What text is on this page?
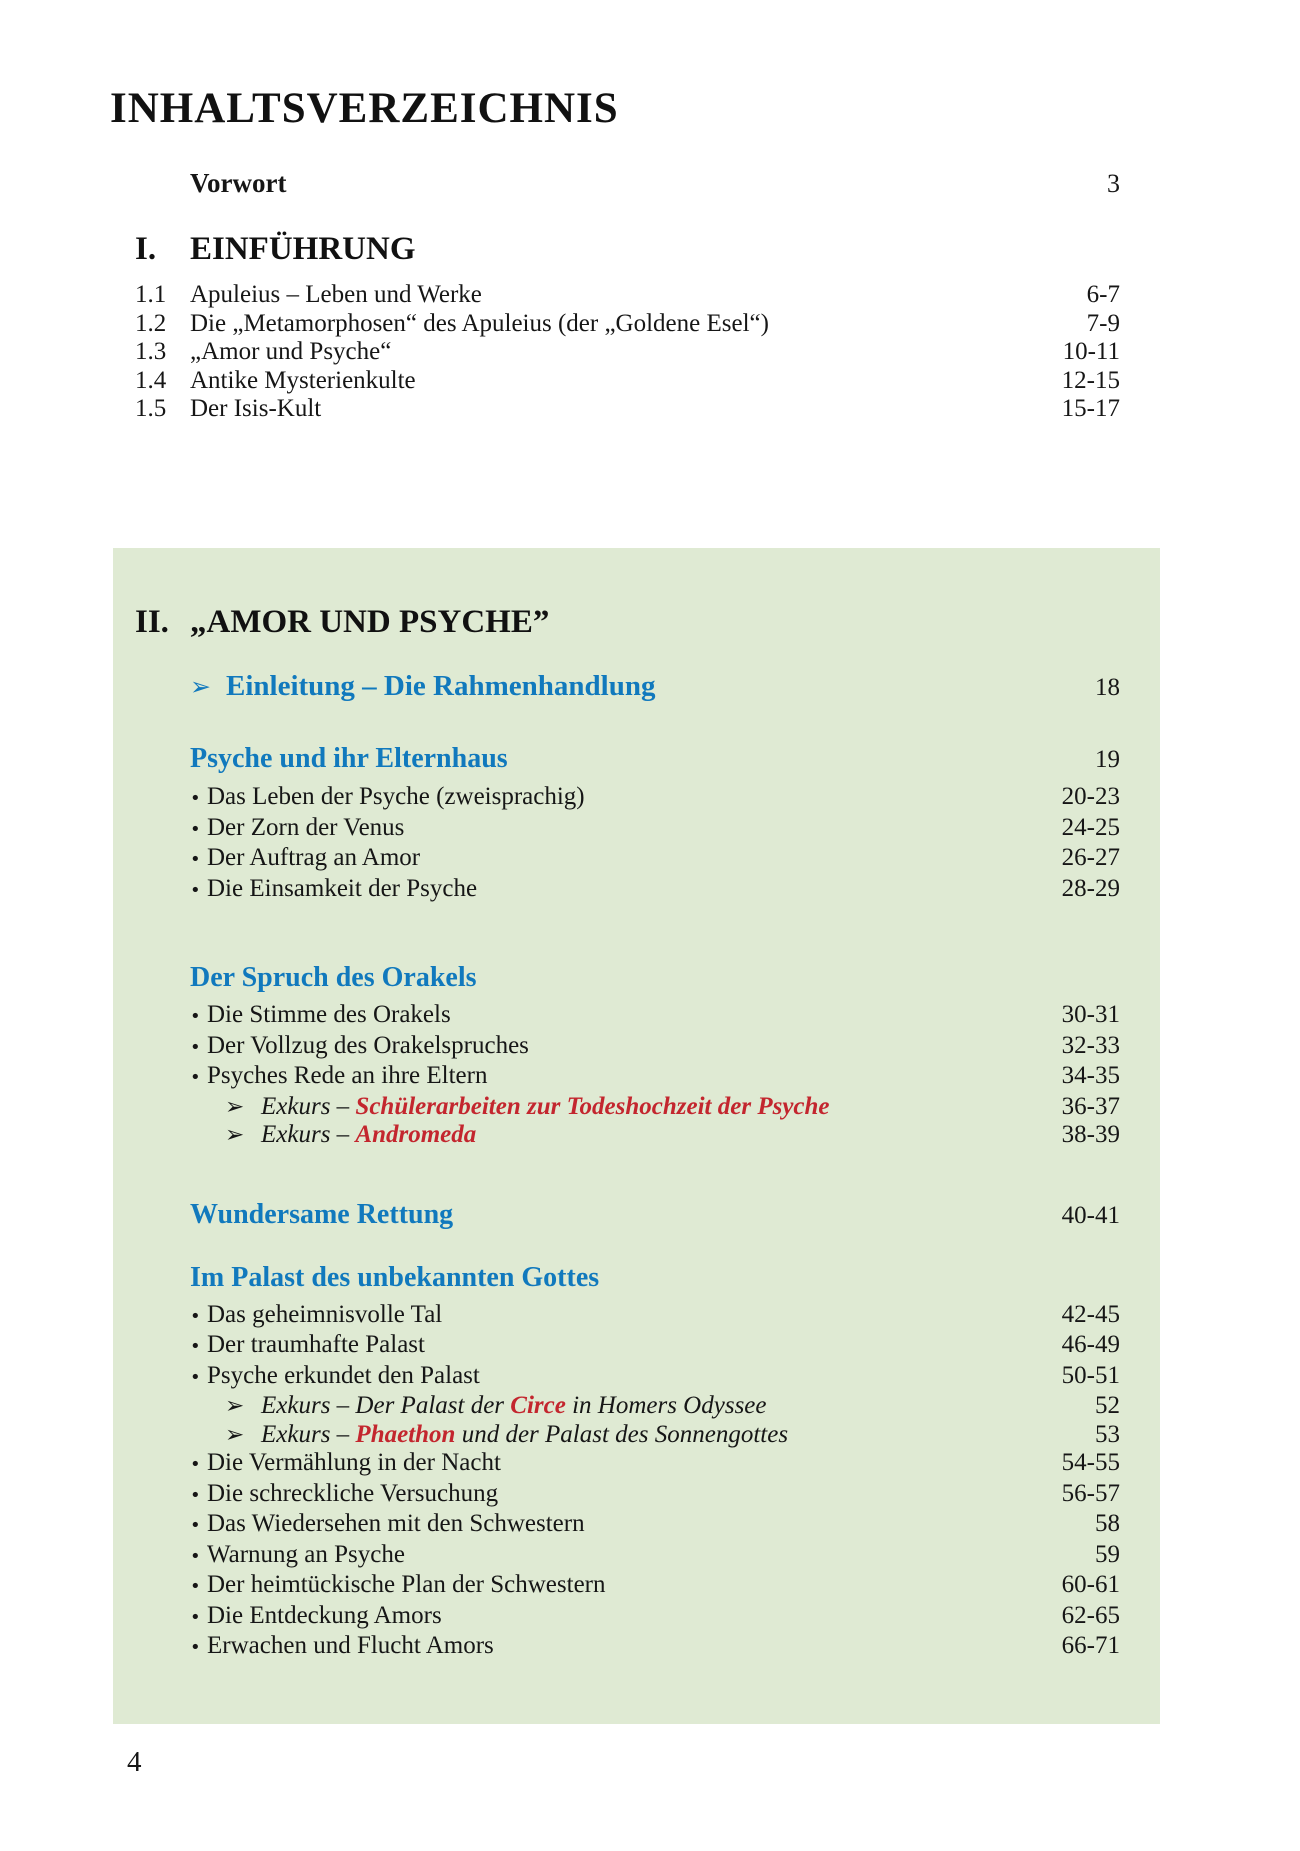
INHALTSVERZEICHNIS
Vorwort	3
I.	EINFÜHRUNG
1.1 Apuleius – Leben und Werke	6-7
1.2 Die „Metamorphosen“ des Apuleius (der „Goldene Esel“)	7-9
1.3 „Amor und Psyche“	10-11
1.4 Antike Mysterienkulte	12-15
1.5 Der Isis-Kult	15-17
II. „AMOR UND PSYCHE”
➢ Einleitung – Die Rahmenhandlung	18
Psyche und ihr Elternhaus	19
• Das Leben der Psyche (zweisprachig)	20-23
• Der Zorn der Venus	24-25
• Der Auftrag an Amor	26-27
• Die Einsamkeit der Psyche	28-29
Der Spruch des Orakels
• Die Stimme des Orakels	30-31
• Der Vollzug des Orakelspruches	32-33
• Psyches Rede an ihre Eltern	34-35
➢ Exkurs – Schülerarbeiten zur Todeshochzeit der Psyche	36-37
➢ Exkurs – Andromeda	38-39
Wundersame Rettung	40-41
Im Palast des unbekannten Gottes
• Das geheimnisvolle Tal	42-45
• Der traumhafte Palast	46-49
• Psyche erkundet den Palast	50-51
➢ Exkurs – Der Palast der Circe in Homers Odyssee	52
➢ Exkurs – Phaethon und der Palast des Sonnengottes	53
• Die Vermählung in der Nacht	54-55
• Die schreckliche Versuchung	56-57
• Das Wiedersehen mit den Schwestern	58
• Warnung an Psyche	59
• Der heimtückische Plan der Schwestern	60-61
• Die Entdeckung Amors	62-65
• Erwachen und Flucht Amors	66-71
4
